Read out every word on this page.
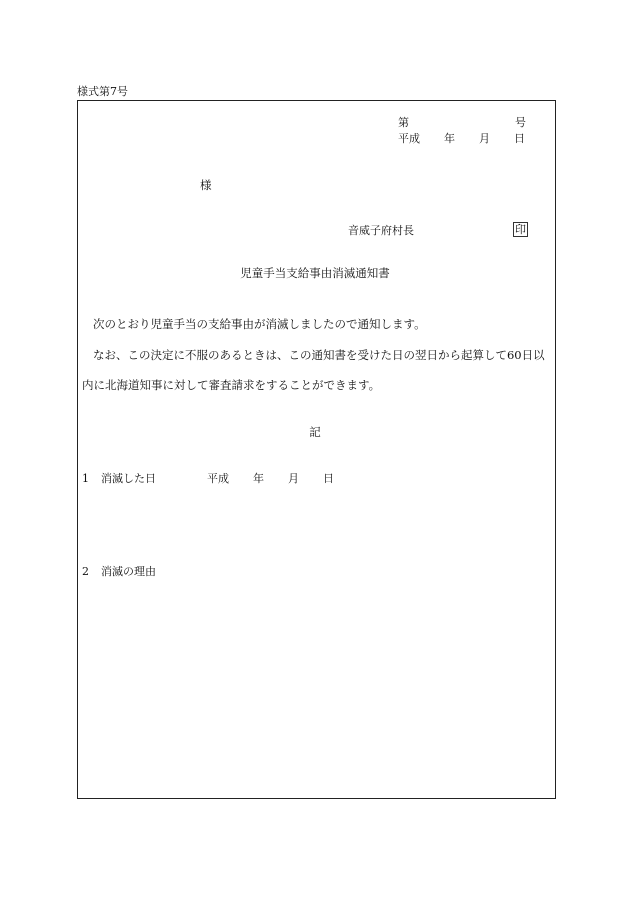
様式第7号
第	号
平成 年 月 日
様
音威子府村長	印
児童手当支給事由消滅通知書
次のとおり児童手当の支給事由が消滅しましたので通知します。
なお、この決定に不服のあるときは、この通知書を受けた日の翌日から起算して60日以
内に北海道知事に対して審査請求をすることができます。
記
1 消滅した日	平成 年 月 日
2 消滅の理由
